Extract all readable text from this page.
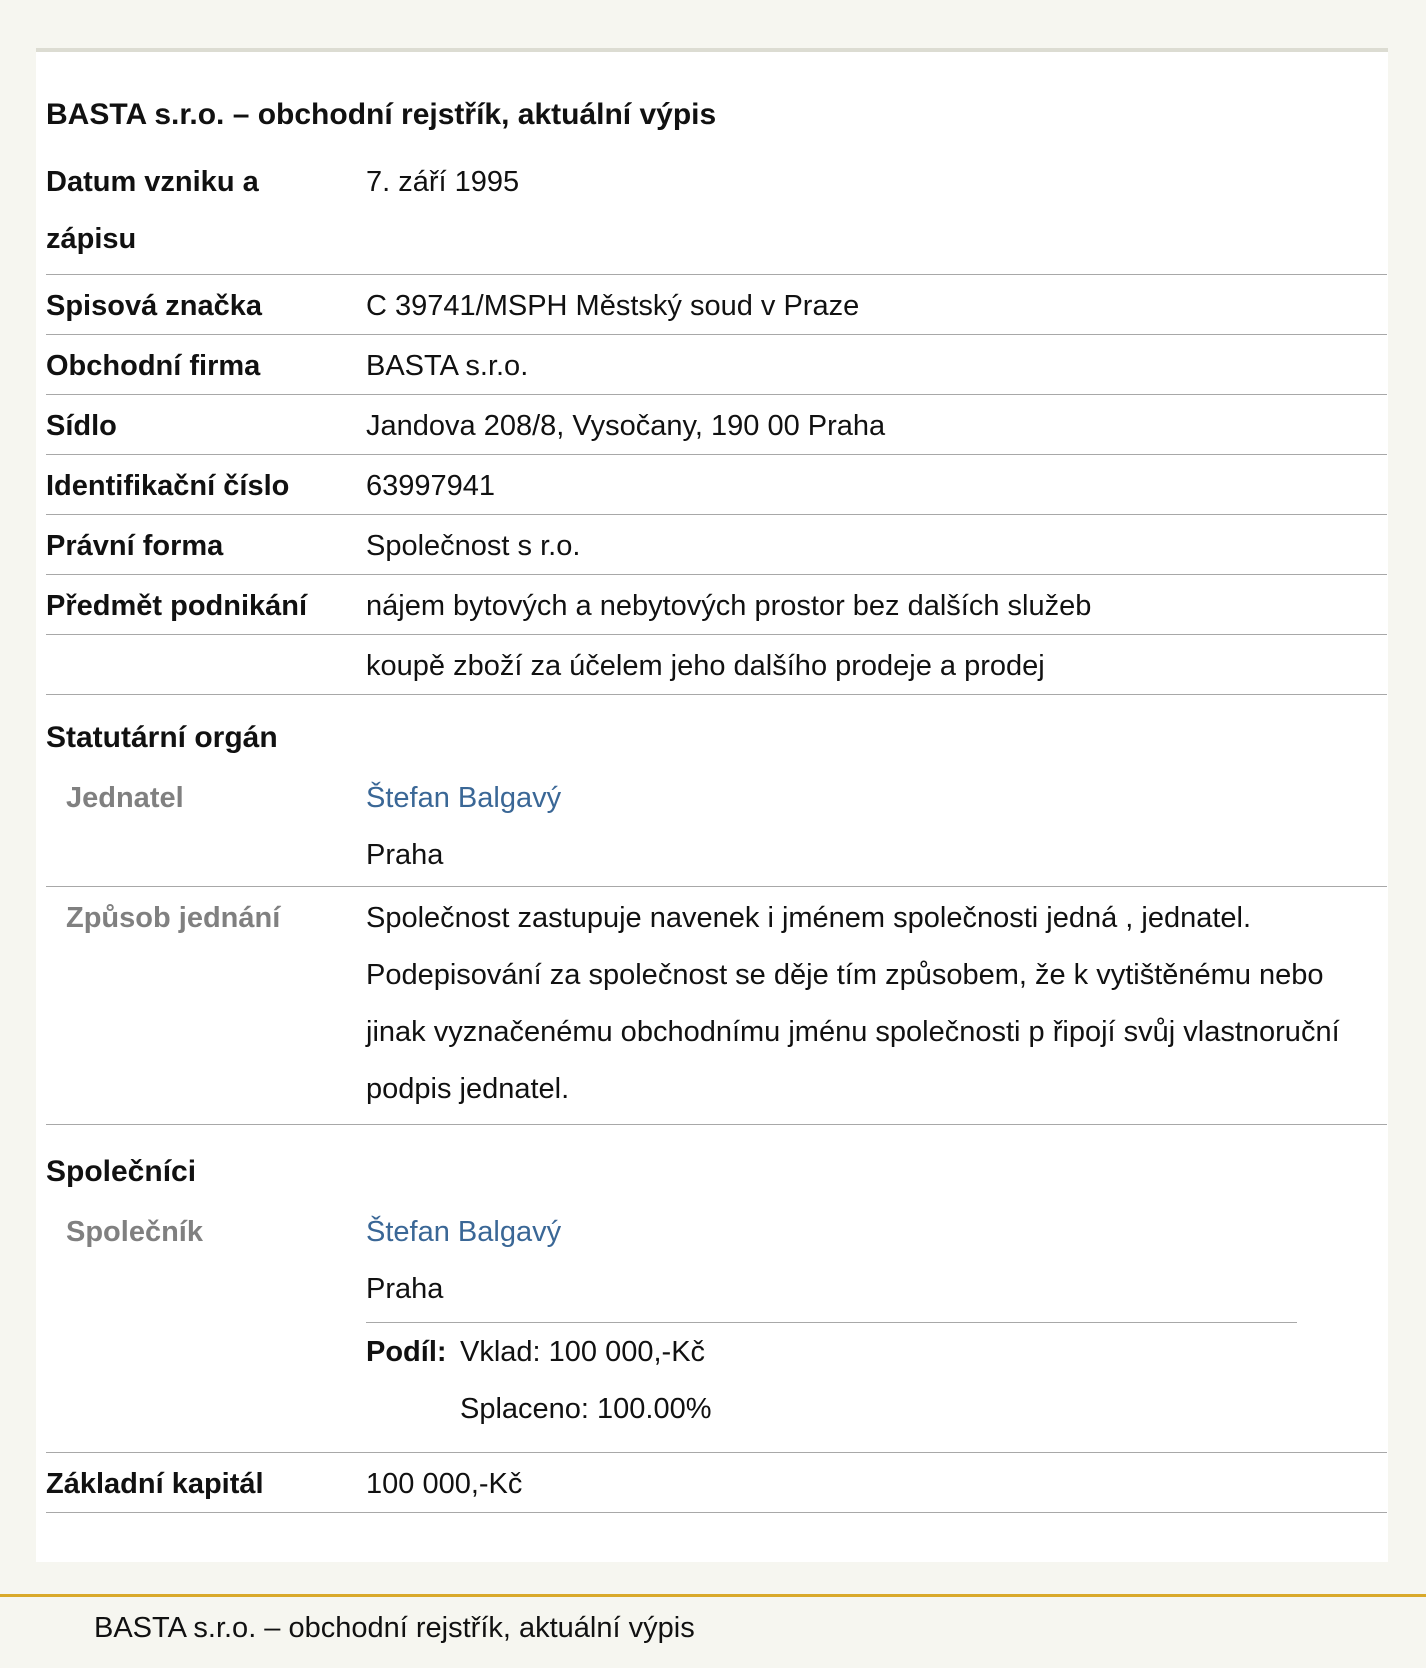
BASTA s.r.o. – obchodní rejstřík, aktuální výpis
Datum vzniku a
zápisu
7. září 1995
Spisová značka	C 39741/MSPH Městský soud v Praze
Obchodní firma	BASTA s.r.o.
Sídlo	Jandova 208/8, Vysočany, 190 00 Praha
Identifikační číslo	63997941
Právní forma	Společnost s r.o.
Předmět podnikání nájem bytových a nebytových prostor bez dalších služeb
koupě zboží za účelem jeho dalšího prodeje a prodej
Statutární orgán
Jednatel	Štefan Balgavý
Praha
Způsob jednání	Společnost zastupuje navenek i jménem společnosti jedná , jednatel.
Podepisování za společnost se děje tím způsobem, že k vytištěnému nebo
jinak vyznačenému obchodnímu jménu společnosti p řipojí svůj vlastnoruční
podpis jednatel.
Společníci
Společník	Štefan Balgavý
Praha
Podíl: Vklad: 100 000,-Kč
Splaceno: 100.00%
Základní kapitál	100 000,-Kč
BASTA s.r.o. – obchodní rejstřík, aktuální výpis
